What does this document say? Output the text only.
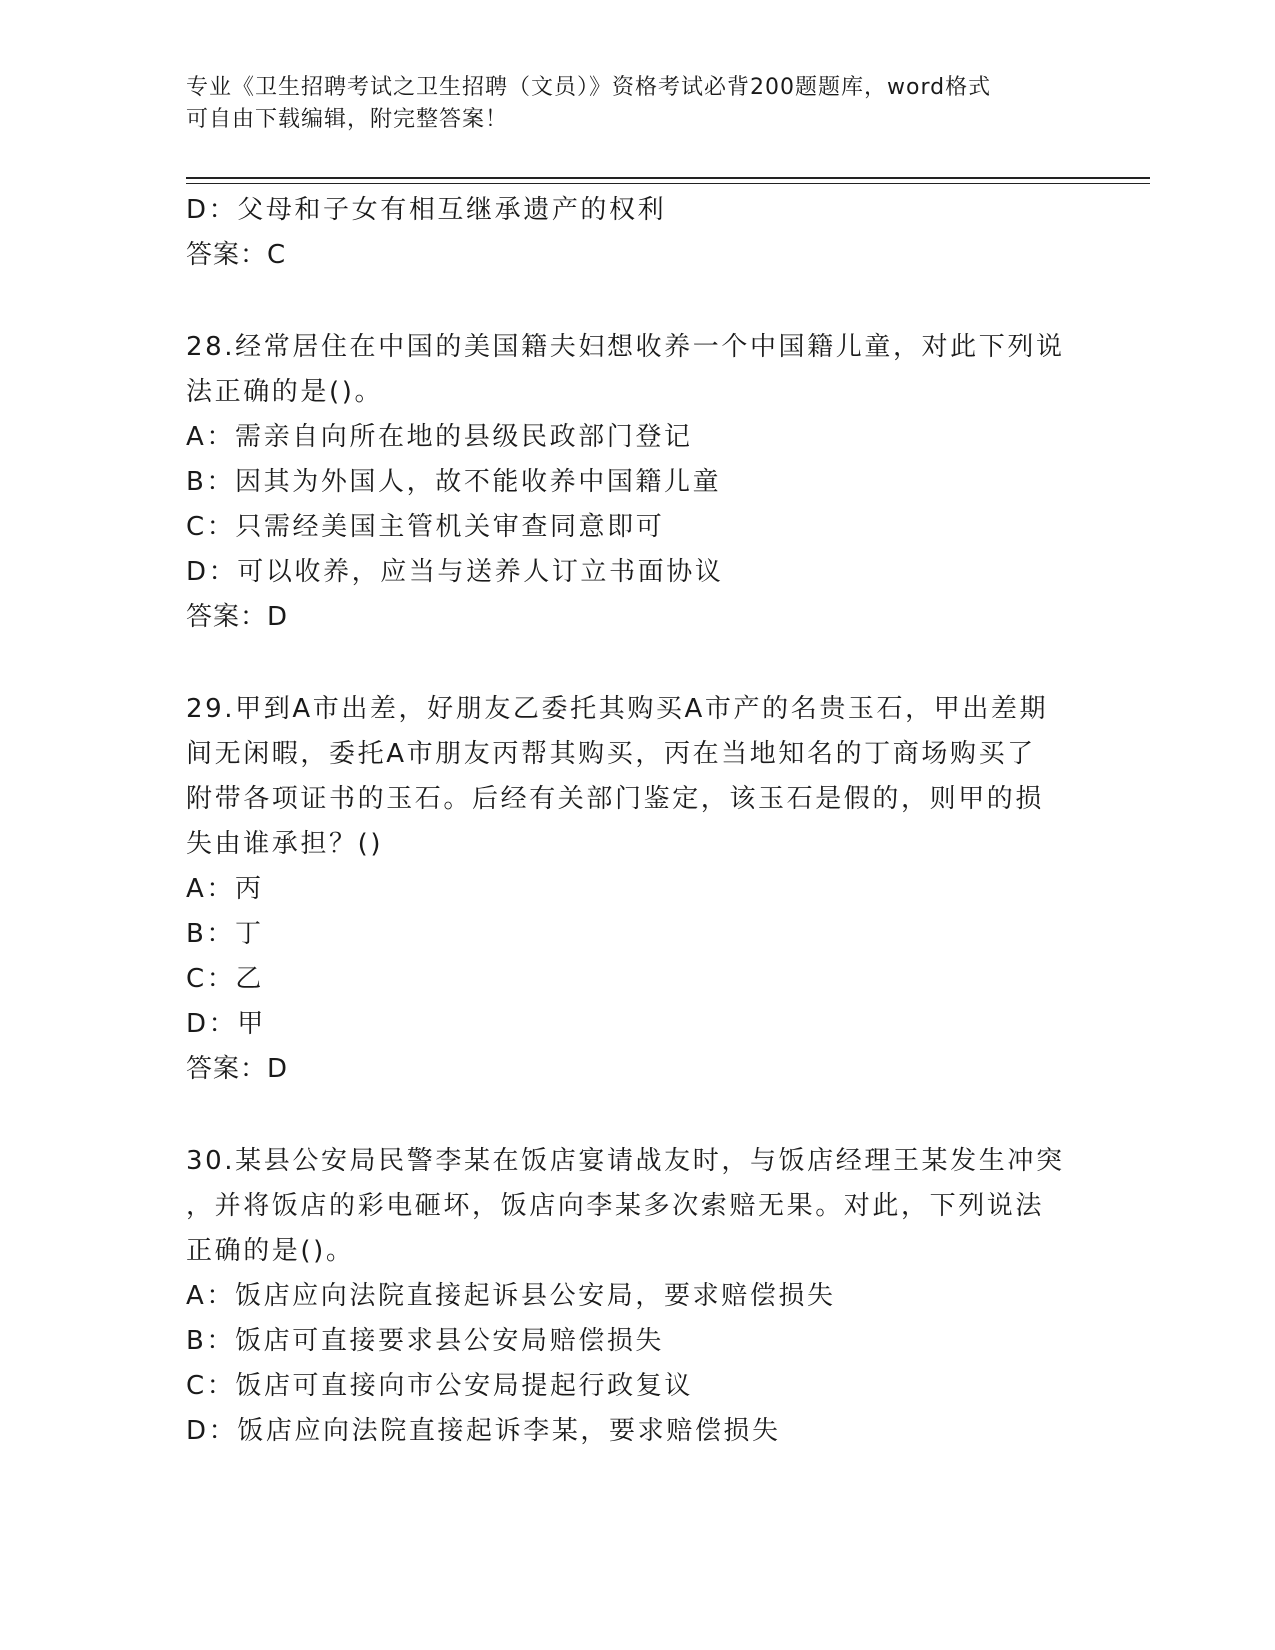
专业《卫生招聘考试之卫生招聘（文员）》资格考试必背200题题库，word格式
可自由下载编辑，附完整答案！
D：父母和子女有相互继承遗产的权利
答案：C
28.经常居住在中国的美国籍夫妇想收养一个中国籍儿童，对此下列说
法正确的是()。
A：需亲自向所在地的县级民政部门登记
B：因其为外国人，故不能收养中国籍儿童
C：只需经美国主管机关审查同意即可
D：可以收养，应当与送养人订立书面协议
答案：D
29.甲到A市出差，好朋友乙委托其购买A市产的名贵玉石，甲出差期
间无闲暇，委托A市朋友丙帮其购买，丙在当地知名的丁商场购买了
附带各项证书的玉石。后经有关部门鉴定，该玉石是假的，则甲的损
失由谁承担？()
A：丙
B：丁
C：乙
D：甲
答案：D
30.某县公安局民警李某在饭店宴请战友时，与饭店经理王某发生冲突
，并将饭店的彩电砸坏，饭店向李某多次索赔无果。对此，下列说法
正确的是()。
A：饭店应向法院直接起诉县公安局，要求赔偿损失
B：饭店可直接要求县公安局赔偿损失
C：饭店可直接向市公安局提起行政复议
D：饭店应向法院直接起诉李某，要求赔偿损失
